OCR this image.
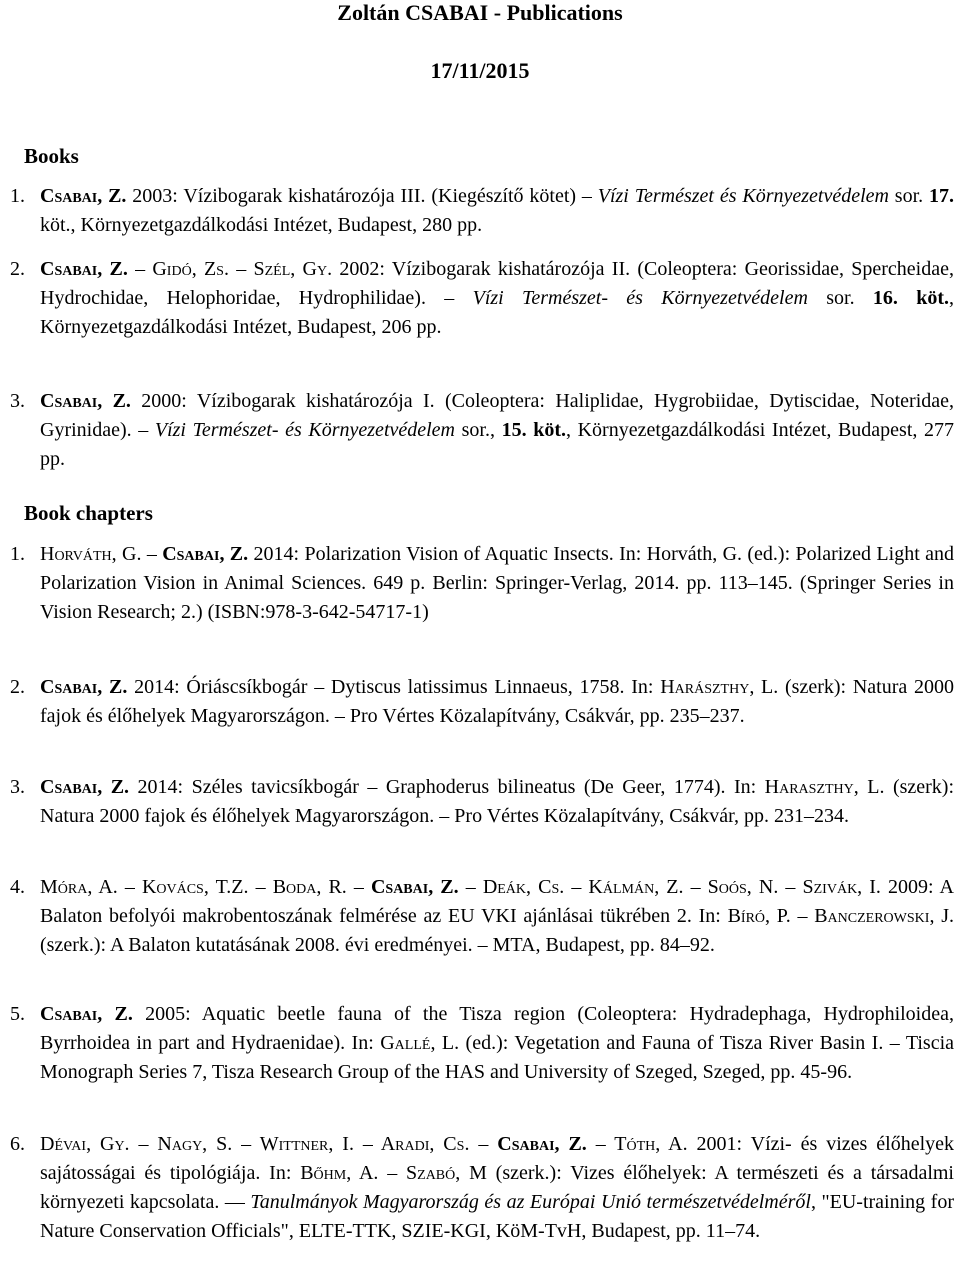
Zoltán CSABAI - Publications
17/11/2015
Books
1. Csabai, Z. 2003: Vízibogarak kishatározója III. (Kiegészítő kötet) – Vízi Természet és Környezetvédelem sor. 17. köt., Környezetgazdálkodási Intézet, Budapest, 280 pp.
2. Csabai, Z. – Gidó, Zs. – Szél, Gy. 2002: Vízibogarak kishatározója II. (Coleoptera: Georissidae, Spercheidae, Hydrochidae, Helophoridae, Hydrophilidae). – Vízi Természet- és Környezetvédelem sor. 16. köt., Környezetgazdálkodási Intézet, Budapest, 206 pp.
3. Csabai, Z. 2000: Vízibogarak kishatározója I. (Coleoptera: Haliplidae, Hygrobiidae, Dytiscidae, Noteridae, Gyrinidae). – Vízi Természet- és Környezetvédelem sor., 15. köt., Környezetgazdálkodási Intézet, Budapest, 277 pp.
Book chapters
1. Horváth, G. – Csabai, Z. 2014: Polarization Vision of Aquatic Insects. In: Horváth, G. (ed.): Polarized Light and Polarization Vision in Animal Sciences. 649 p. Berlin: Springer-Verlag, 2014. pp. 113–145. (Springer Series in Vision Research; 2.) (ISBN:978-3-642-54717-1)
2. Csabai, Z. 2014: Óriáscsíkbogár – Dytiscus latissimus Linnaeus, 1758. In: Harászthy, L. (szerk): Natura 2000 fajok és élőhelyek Magyarországon. – Pro Vértes Közalapítvány, Csákvár, pp. 235–237.
3. Csabai, Z. 2014: Széles tavicsíkbogár – Graphoderus bilineatus (De Geer, 1774). In: Haraszthy, L. (szerk): Natura 2000 fajok és élőhelyek Magyarországon. – Pro Vértes Közalapítvány, Csákvár, pp. 231–234.
4. Móra, A. – Kovács, T.Z. – Boda, R. – Csabai, Z. – Deák, Cs. – Kálmán, Z. – Soós, N. – Szivák, I. 2009: A Balaton befolyói makrobentoszának felmérése az EU VKI ajánlásai tükrében 2. In: Bíró, P. – Banczerowski, J. (szerk.): A Balaton kutatásának 2008. évi eredményei. – MTA, Budapest, pp. 84–92.
5. Csabai, Z. 2005: Aquatic beetle fauna of the Tisza region (Coleoptera: Hydradephaga, Hydrophiloidea, Byrrhoidea in part and Hydraenidae). In: Gallé, L. (ed.): Vegetation and Fauna of Tisza River Basin I. – Tiscia Monograph Series 7, Tisza Research Group of the HAS and University of Szeged, Szeged, pp. 45-96.
6. Dévai, Gy. – Nagy, S. – Wittner, I. – Aradi, Cs. – Csabai, Z. – Tóth, A. 2001: Vízi- és vizes élőhelyek sajátosságai és tipológiája. In: Bőhm, A. – Szabó, M (szerk.): Vizes élőhelyek: A természeti és a társadalmi környezeti kapcsolata. — Tanulmányok Magyarország és az Európai Unió természetvédelméről, "EU-training for Nature Conservation Officials", ELTE-TTK, SZIE-KGI, KöM-TvH, Budapest, pp. 11–74.
